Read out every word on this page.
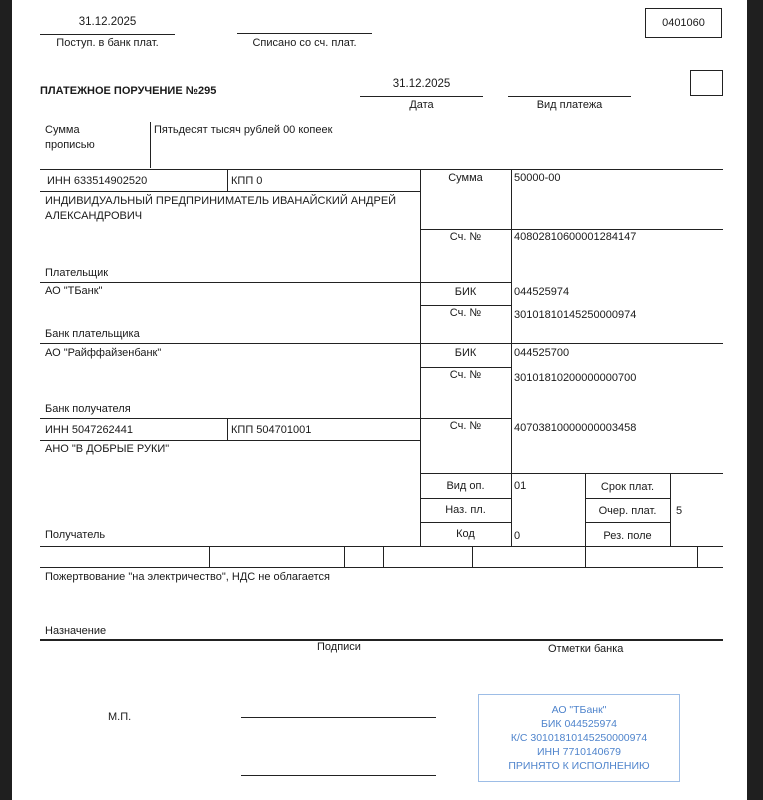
31.12.2025
Поступ. в банк плат.	Списано со сч. плат.
0401060
ПЛАТЕЖНОЕ ПОРУЧЕНИЕ №295
31.12.2025
Дата	Вид платежа
Сумма
прописью
Пятьдесят тысяч рублей 00 копеек
ИНН 633514902520	КПП 0
ИНДИВИДУАЛЬНЫЙ ПРЕДПРИНИМАТЕЛЬ ИВАНАЙСКИЙ АНДРЕЙ
АЛЕКСАНДРОВИЧ
Плательщик
Сумма	50000-00
Сч. №	40802810600001284147
АО "ТБанк"
Банк плательщика
БИК	044525974
Сч. №	30101810145250000974
АО "Райффайзенбанк"
Банк получателя
БИК	044525700
Сч. №	30101810200000000700
ИНН 5047262441	КПП 504701001
АНО "В ДОБРЫЕ РУКИ"
Получатель
Сч. №	40703810000000003458
Вид оп.	01
Наз. пл.
Код	0
Срок плат.
Очер. плат.	5
Рез. поле
Пожертвование "на электричество", НДС не облагается
Назначение
Подписи	Отметки банка
М.П.
АО "ТБанк"
БИК 044525974
К/С 30101810145250000974
ИНН 7710140679
ПРИНЯТО К ИСПОЛНЕНИЮ
